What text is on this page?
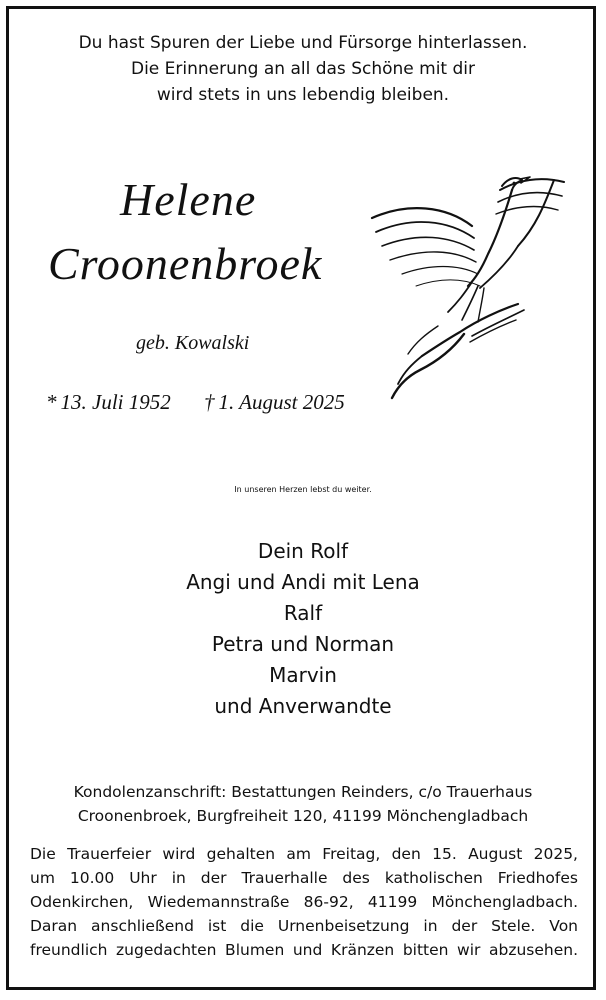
Du hast Spuren der Liebe und Fürsorge hinterlassen.
Die Erinnerung an all das Schöne mit dir
wird stets in uns lebendig bleiben.
Helene
Croonenbroek
geb. Kowalski
* 13. Juli 1952 † 1. August 2025
In unseren Herzen lebst du weiter.
Dein Rolf
Angi und Andi mit Lena
Ralf
Petra und Norman
Marvin
und Anverwandte
Kondolenzanschrift: Bestattungen Reinders, c/o Trauerhaus
Croonenbroek, Burgfreiheit 120, 41199 Mönchengladbach
Die Trauerfeier wird gehalten am Freitag, den 15. August 2025,
um 10.00 Uhr in der Trauerhalle des katholischen Friedhofes
Odenkirchen, Wiedemannstraße 86-92, 41199 Mönchengladbach.
Daran anschließend ist die Urnenbeisetzung in der Stele. Von
freundlich zugedachten Blumen und Kränzen bitten wir abzusehen.
